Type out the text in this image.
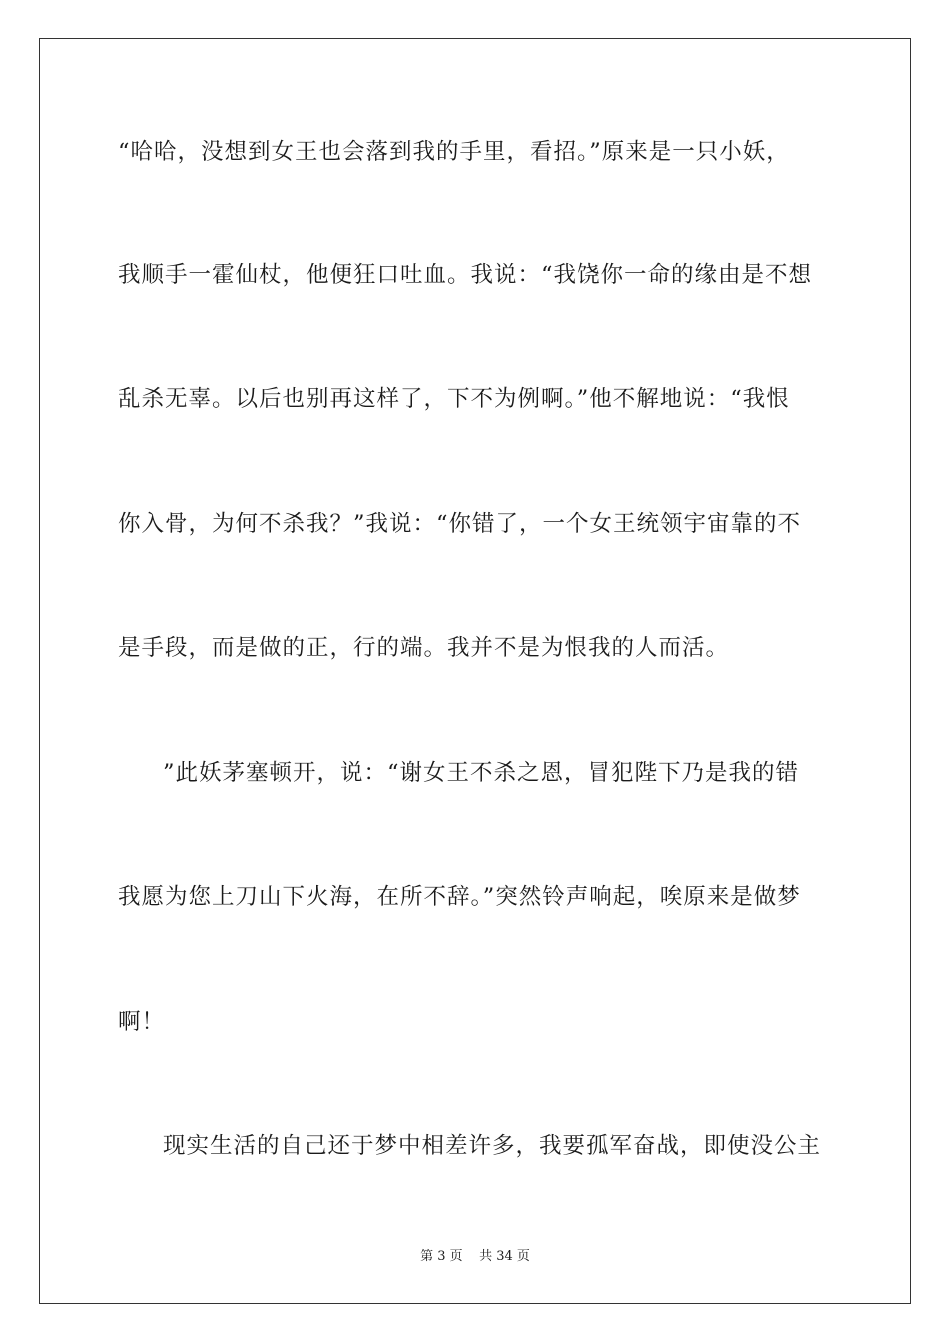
“哈哈，没想到女王也会落到我的手里，看招。”原来是一只小妖，
我顺手一霍仙杖，他便狂口吐血。我说：“我饶你一命的缘由是不想
乱杀无辜。以后也别再这样了，下不为例啊。”他不解地说：“我恨
你入骨，为何不杀我？”我说：“你错了，一个女王统领宇宙靠的不
是手段，而是做的正，行的端。我并不是为恨我的人而活。
”此妖茅塞顿开，说：“谢女王不杀之恩，冒犯陛下乃是我的错
我愿为您上刀山下火海，在所不辞。”突然铃声响起，唉原来是做梦
啊！
现实生活的自己还于梦中相差许多，我要孤军奋战，即使没公主
第 3 页    共 34 页
